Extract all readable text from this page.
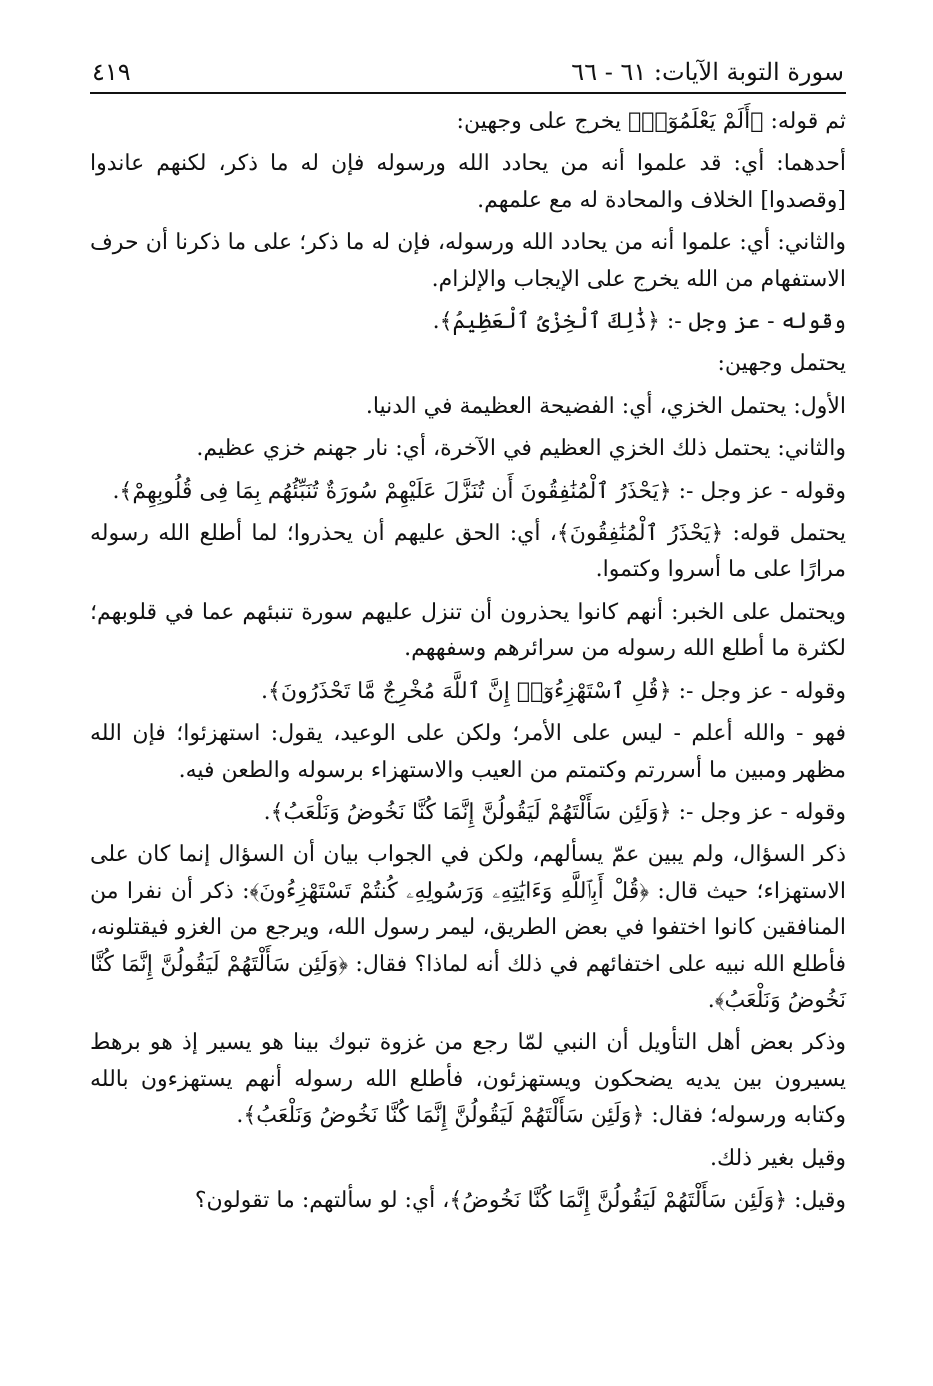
٤١٩	سورة التوبة الآيات: ٦١ - ٦٦

ثم قوله: ﴿أَلَمْ يَعْلَمُوٓا۟﴾ يخرج على وجهين:

أحدهما: أي: قد علموا أنه من يحادد الله ورسوله فإن له ما ذكر، لكنهم عاندوا [وقصدوا] الخلاف والمحادة له مع علمهم.

والثاني: أي: علموا أنه من يحادد الله ورسوله، فإن له ما ذكر؛ على ما ذكرنا أن حرف الاستفهام من الله يخرج على الإيجاب والإلزام.

وقوله - عز وجل -: ﴿ذَٰلِكَ ٱلْخِزْىُ ٱلْعَظِيمُ﴾.

يحتمل وجهين:

الأول: يحتمل الخزي، أي: الفضيحة العظيمة في الدنيا.

والثاني: يحتمل ذلك الخزي العظيم في الآخرة، أي: نار جهنم خزي عظيم.

وقوله - عز وجل -: ﴿يَحْذَرُ ٱلْمُنَٰفِقُونَ أَن تُنَزَّلَ عَلَيْهِمْ سُورَةٌ تُنَبِّئُهُم بِمَا فِى قُلُوبِهِمْ﴾.

يحتمل قوله: ﴿يَحْذَرُ ٱلْمُنَٰفِقُونَ﴾، أي: الحق عليهم أن يحذروا؛ لما أطلع الله رسوله مرارًا على ما أسروا وكتموا.

ويحتمل على الخبر: أنهم كانوا يحذرون أن تنزل عليهم سورة تنبئهم عما في قلوبهم؛ لكثرة ما أطلع الله رسوله من سرائرهم وسفههم.

وقوله - عز وجل -: ﴿قُلِ ٱسْتَهْزِءُوٓا۟ إِنَّ ٱللَّهَ مُخْرِجٌ مَّا تَحْذَرُونَ﴾.

فهو - والله أعلم - ليس على الأمر؛ ولكن على الوعيد، يقول: استهزئوا؛ فإن الله مظهر ومبين ما أسررتم وكتمتم من العيب والاستهزاء برسوله والطعن فيه.

وقوله - عز وجل -: ﴿وَلَئِن سَأَلْتَهُمْ لَيَقُولُنَّ إِنَّمَا كُنَّا نَخُوضُ وَنَلْعَبُ﴾.

ذكر السؤال، ولم يبين عمّ يسألهم، ولكن في الجواب بيان أن السؤال إنما كان على الاستهزاء؛ حيث قال: ﴿قُلْ أَبِٱللَّهِ وَءَايَٰتِهِۦ وَرَسُولِهِۦ كُنتُمْ تَسْتَهْزِءُونَ﴾: ذكر أن نفرا من المنافقين كانوا اختفوا في بعض الطريق، ليمر رسول الله، ويرجع من الغزو فيقتلونه، فأطلع الله نبيه على اختفائهم في ذلك أنه لماذا؟ فقال: ﴿وَلَئِن سَأَلْتَهُمْ لَيَقُولُنَّ إِنَّمَا كُنَّا نَخُوضُ وَنَلْعَبُ﴾.

وذكر بعض أهل التأويل أن النبي لمّا رجع من غزوة تبوك بينا هو يسير إذ هو برهط يسيرون بين يديه يضحكون ويستهزئون، فأطلع الله رسوله أنهم يستهزءون بالله وكتابه ورسوله؛ فقال: ﴿وَلَئِن سَأَلْتَهُمْ لَيَقُولُنَّ إِنَّمَا كُنَّا نَخُوضُ وَنَلْعَبُ﴾.

وقيل بغير ذلك.

وقيل: ﴿وَلَئِن سَأَلْتَهُمْ لَيَقُولُنَّ إِنَّمَا كُنَّا نَخُوضُ﴾، أي: لو سألتهم: ما تقولون؟
